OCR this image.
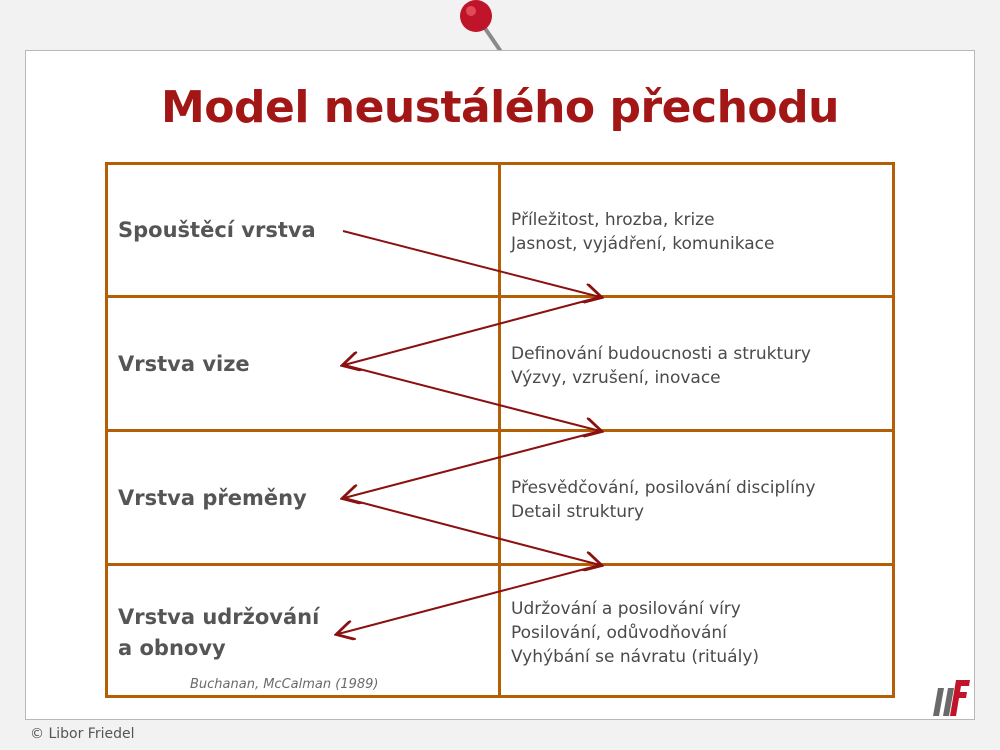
Model neustálého přechodu
Spouštěcí vrstva
Vrstva vize
Vrstva přeměny
Vrstva udržování
a obnovy
Příležitost, hrozba, krize
Jasnost, vyjádření, komunikace
Definování budoucnosti a struktury
Výzvy, vzrušení, inovace
Přesvědčování, posilování disciplíny
Detail struktury
Udržování a posilování víry
Posilování, odůvodňování
Vyhýbání se návratu (rituály)
Buchanan, McCalman (1989)
© Libor Friedel
